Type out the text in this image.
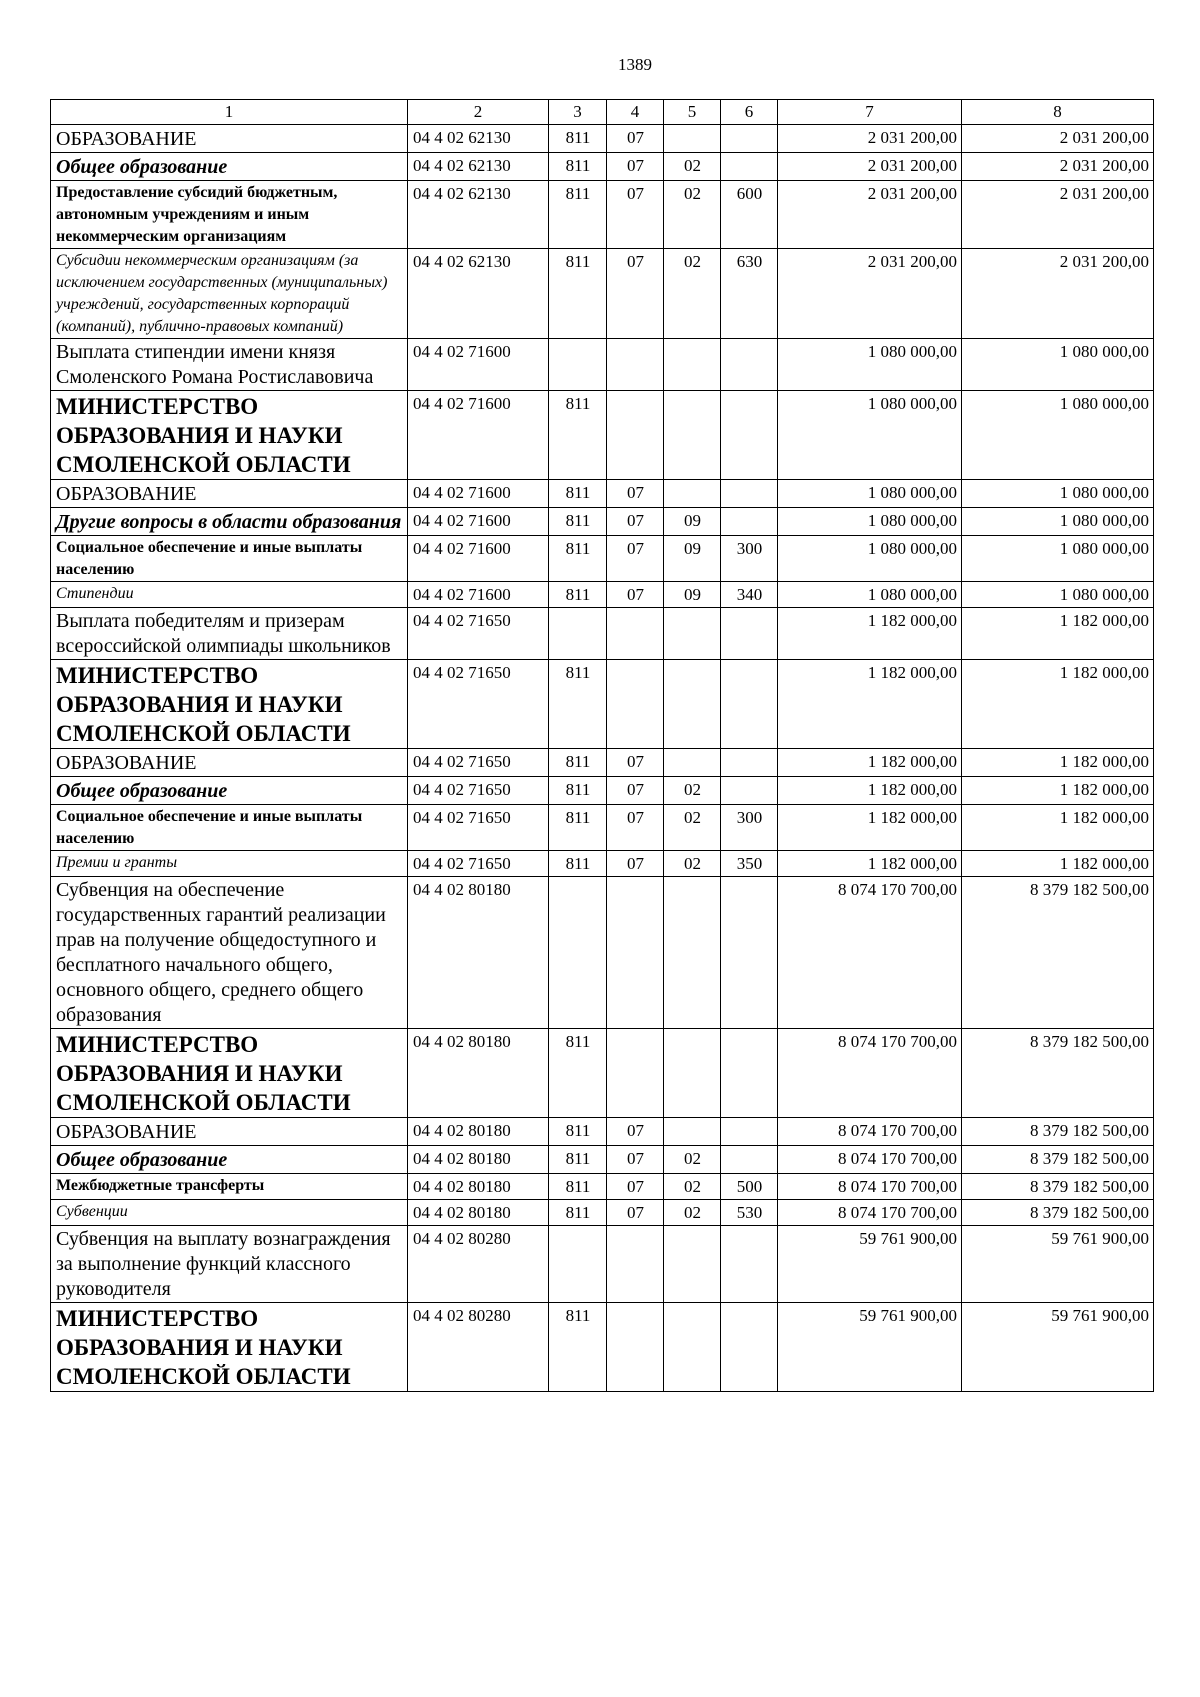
1389
1	2	3	4	5	6	7	8
ОБРАЗОВАНИЕ	04 4 02 62130	811	07			2 031 200,00	2 031 200,00
Общее образование	04 4 02 62130	811	07	02		2 031 200,00	2 031 200,00
Предоставление субсидий бюджетным, автономным учреждениям и иным некоммерческим организациям	04 4 02 62130	811	07	02	600	2 031 200,00	2 031 200,00
Субсидии некоммерческим организациям (за исключением государственных (муниципальных) учреждений, государственных корпораций (компаний), публично-правовых компаний)	04 4 02 62130	811	07	02	630	2 031 200,00	2 031 200,00
Выплата стипендии имени князя Смоленского Романа Ростиславовича	04 4 02 71600					1 080 000,00	1 080 000,00
МИНИСТЕРСТВО ОБРАЗОВАНИЯ И НАУКИ СМОЛЕНСКОЙ ОБЛАСТИ	04 4 02 71600	811				1 080 000,00	1 080 000,00
ОБРАЗОВАНИЕ	04 4 02 71600	811	07			1 080 000,00	1 080 000,00
Другие вопросы в области образования	04 4 02 71600	811	07	09		1 080 000,00	1 080 000,00
Социальное обеспечение и иные выплаты населению	04 4 02 71600	811	07	09	300	1 080 000,00	1 080 000,00
Стипендии	04 4 02 71600	811	07	09	340	1 080 000,00	1 080 000,00
Выплата победителям и призерам всероссийской олимпиады школьников	04 4 02 71650					1 182 000,00	1 182 000,00
МИНИСТЕРСТВО ОБРАЗОВАНИЯ И НАУКИ СМОЛЕНСКОЙ ОБЛАСТИ	04 4 02 71650	811				1 182 000,00	1 182 000,00
ОБРАЗОВАНИЕ	04 4 02 71650	811	07			1 182 000,00	1 182 000,00
Общее образование	04 4 02 71650	811	07	02		1 182 000,00	1 182 000,00
Социальное обеспечение и иные выплаты населению	04 4 02 71650	811	07	02	300	1 182 000,00	1 182 000,00
Премии и гранты	04 4 02 71650	811	07	02	350	1 182 000,00	1 182 000,00
Субвенция на обеспечение государственных гарантий реализации прав на получение общедоступного и бесплатного начального общего, основного общего, среднего общего образования	04 4 02 80180					8 074 170 700,00	8 379 182 500,00
МИНИСТЕРСТВО ОБРАЗОВАНИЯ И НАУКИ СМОЛЕНСКОЙ ОБЛАСТИ	04 4 02 80180	811				8 074 170 700,00	8 379 182 500,00
ОБРАЗОВАНИЕ	04 4 02 80180	811	07			8 074 170 700,00	8 379 182 500,00
Общее образование	04 4 02 80180	811	07	02		8 074 170 700,00	8 379 182 500,00
Межбюджетные трансферты	04 4 02 80180	811	07	02	500	8 074 170 700,00	8 379 182 500,00
Субвенции	04 4 02 80180	811	07	02	530	8 074 170 700,00	8 379 182 500,00
Субвенция на выплату вознаграждения за выполнение функций классного руководителя	04 4 02 80280					59 761 900,00	59 761 900,00
МИНИСТЕРСТВО ОБРАЗОВАНИЯ И НАУКИ СМОЛЕНСКОЙ ОБЛАСТИ	04 4 02 80280	811				59 761 900,00	59 761 900,00
